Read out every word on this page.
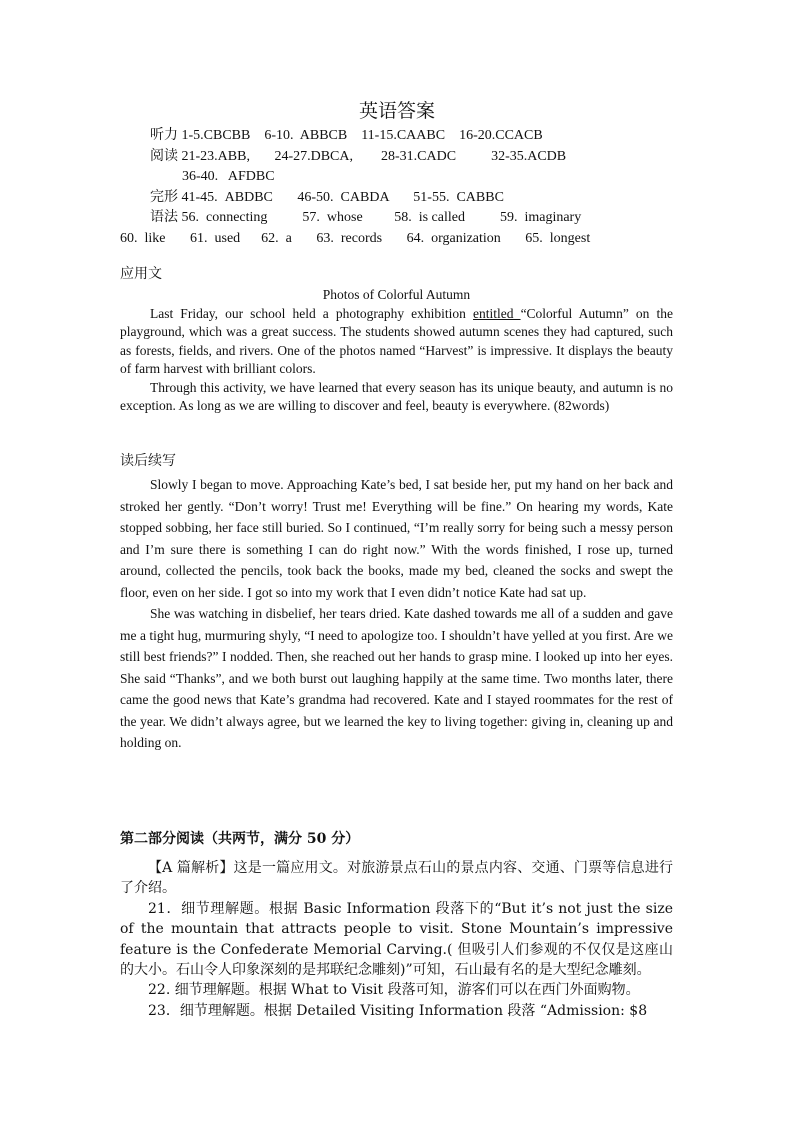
英语答案
听力 1-5.CBCBB    6-10.  ABBCB    11-15.CAABC    16-20.CCACB
阅读 21-23.ABB,       24-27.DBCA,        28-31.CADC          32-35.ACDB
36-40.   AFDBC
完形 41-45.  ABDBC       46-50.  CABDA       51-55.  CABBC
语法 56.  connecting          57.  whose         58.  is called          59.  imaginary
60.  like       61.  used      62.  a       63.  records       64.  organization       65.  longest
应用文

Photos of Colorful Autumn

Last Friday, our school held a photography exhibition entitled “Colorful Autumn” on the playground, which was a great success. The students showed autumn scenes they had captured, such as forests, fields, and rivers. One of the photos named “Harvest” is impressive. It displays the beauty of farm harvest with brilliant colors.

Through this activity, we have learned that every season has its unique beauty, and autumn is no exception. As long as we are willing to discover and feel, beauty is everywhere. (82words)

读后续写

Slowly I began to move. Approaching Kate’s bed, I sat beside her, put my hand on her back and stroked her gently. “Don’t worry! Trust me! Everything will be fine.” On hearing my words, Kate stopped sobbing, her face still buried. So I continued, “I’m really sorry for being such a messy person and I’m sure there is something I can do right now.” With the words finished, I rose up, turned around, collected the pencils, took back the books, made my bed, cleaned the socks and swept the floor, even on her side. I got so into my work that I even didn’t notice Kate had sat up.

She was watching in disbelief, her tears dried. Kate dashed towards me all of a sudden and gave me a tight hug, murmuring shyly, “I need to apologize too. I shouldn’t have yelled at you first. Are we still best friends?” I nodded. Then, she reached out her hands to grasp mine. I looked up into her eyes. She said “Thanks”, and we both burst out laughing happily at the same time. Two months later, there came the good news that Kate’s grandma had recovered. Kate and I stayed roommates for the rest of the year. We didn’t always agree, but we learned the key to living together: giving in, cleaning up and holding on.

第二部分阅读（共两节，满分 50 分）

【A 篇解析】这是一篇应用文。对旅游景点石山的景点内容、交通、门票等信息进行了介绍。

21．细节理解题。根据 Basic Information 段落下的“But it’s not just the size of the mountain that attracts people to visit. Stone Mountain’s impressive feature is the Confederate Memorial Carving.( 但吸引人们参观的不仅仅是这座山的大小。石山令人印象深刻的是邦联纪念雕刻)”可知，石山最有名的是大型纪念雕刻。

22. 细节理解题。根据 What to Visit 段落可知，游客们可以在西门外面购物。

23．细节理解题。根据 Detailed Visiting Information 段落 “Admission: $8
